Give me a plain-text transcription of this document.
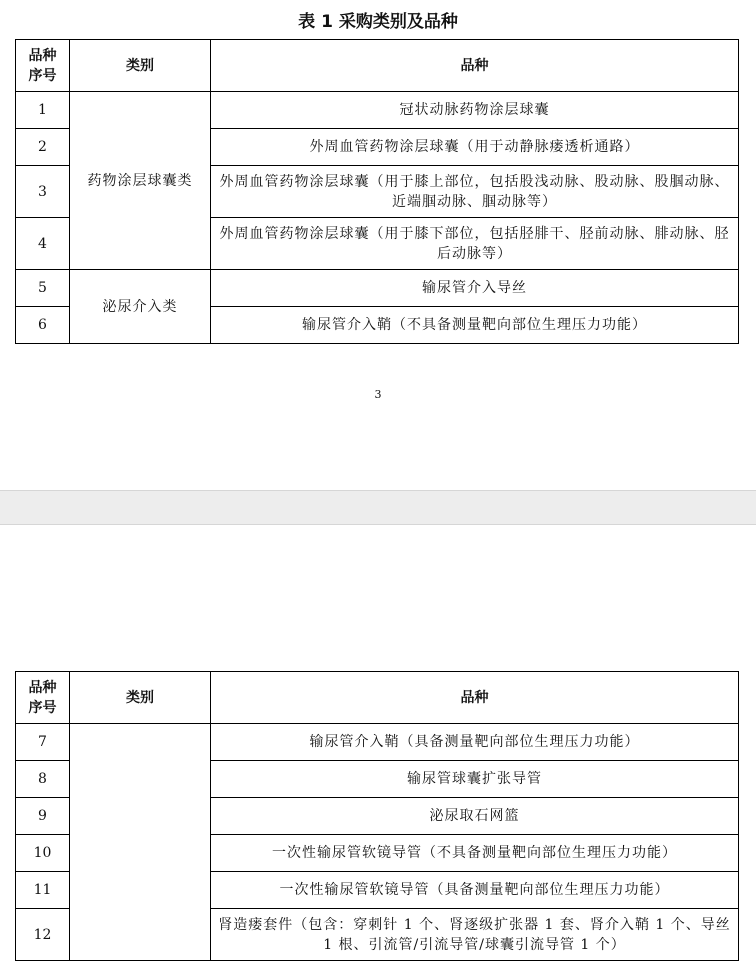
表 1 采购类别及品种
品种
序号	类别	品种
1	药物涂层球囊类	冠状动脉药物涂层球囊
2		外周血管药物涂层球囊（用于动静脉瘘透析通路）
3		外周血管药物涂层球囊（用于膝上部位，包括股浅动脉、股动脉、股腘动脉、近端腘动脉、腘动脉等）
4		外周血管药物涂层球囊（用于膝下部位，包括胫腓干、胫前动脉、腓动脉、胫后动脉等）
5	泌尿介入类	输尿管介入导丝
6		输尿管介入鞘（不具备测量靶向部位生理压力功能）
3
品种
序号	类别	品种
7		输尿管介入鞘（具备测量靶向部位生理压力功能）
8		输尿管球囊扩张导管
9		泌尿取石网篮
10		一次性输尿管软镜导管（不具备测量靶向部位生理压力功能）
11		一次性输尿管软镜导管（具备测量靶向部位生理压力功能）
12		肾造瘘套件（包含：穿刺针 1 个、肾逐级扩张器 1 套、肾介入鞘 1 个、导丝 1 根、引流管/引流导管/球囊引流导管 1 个）
